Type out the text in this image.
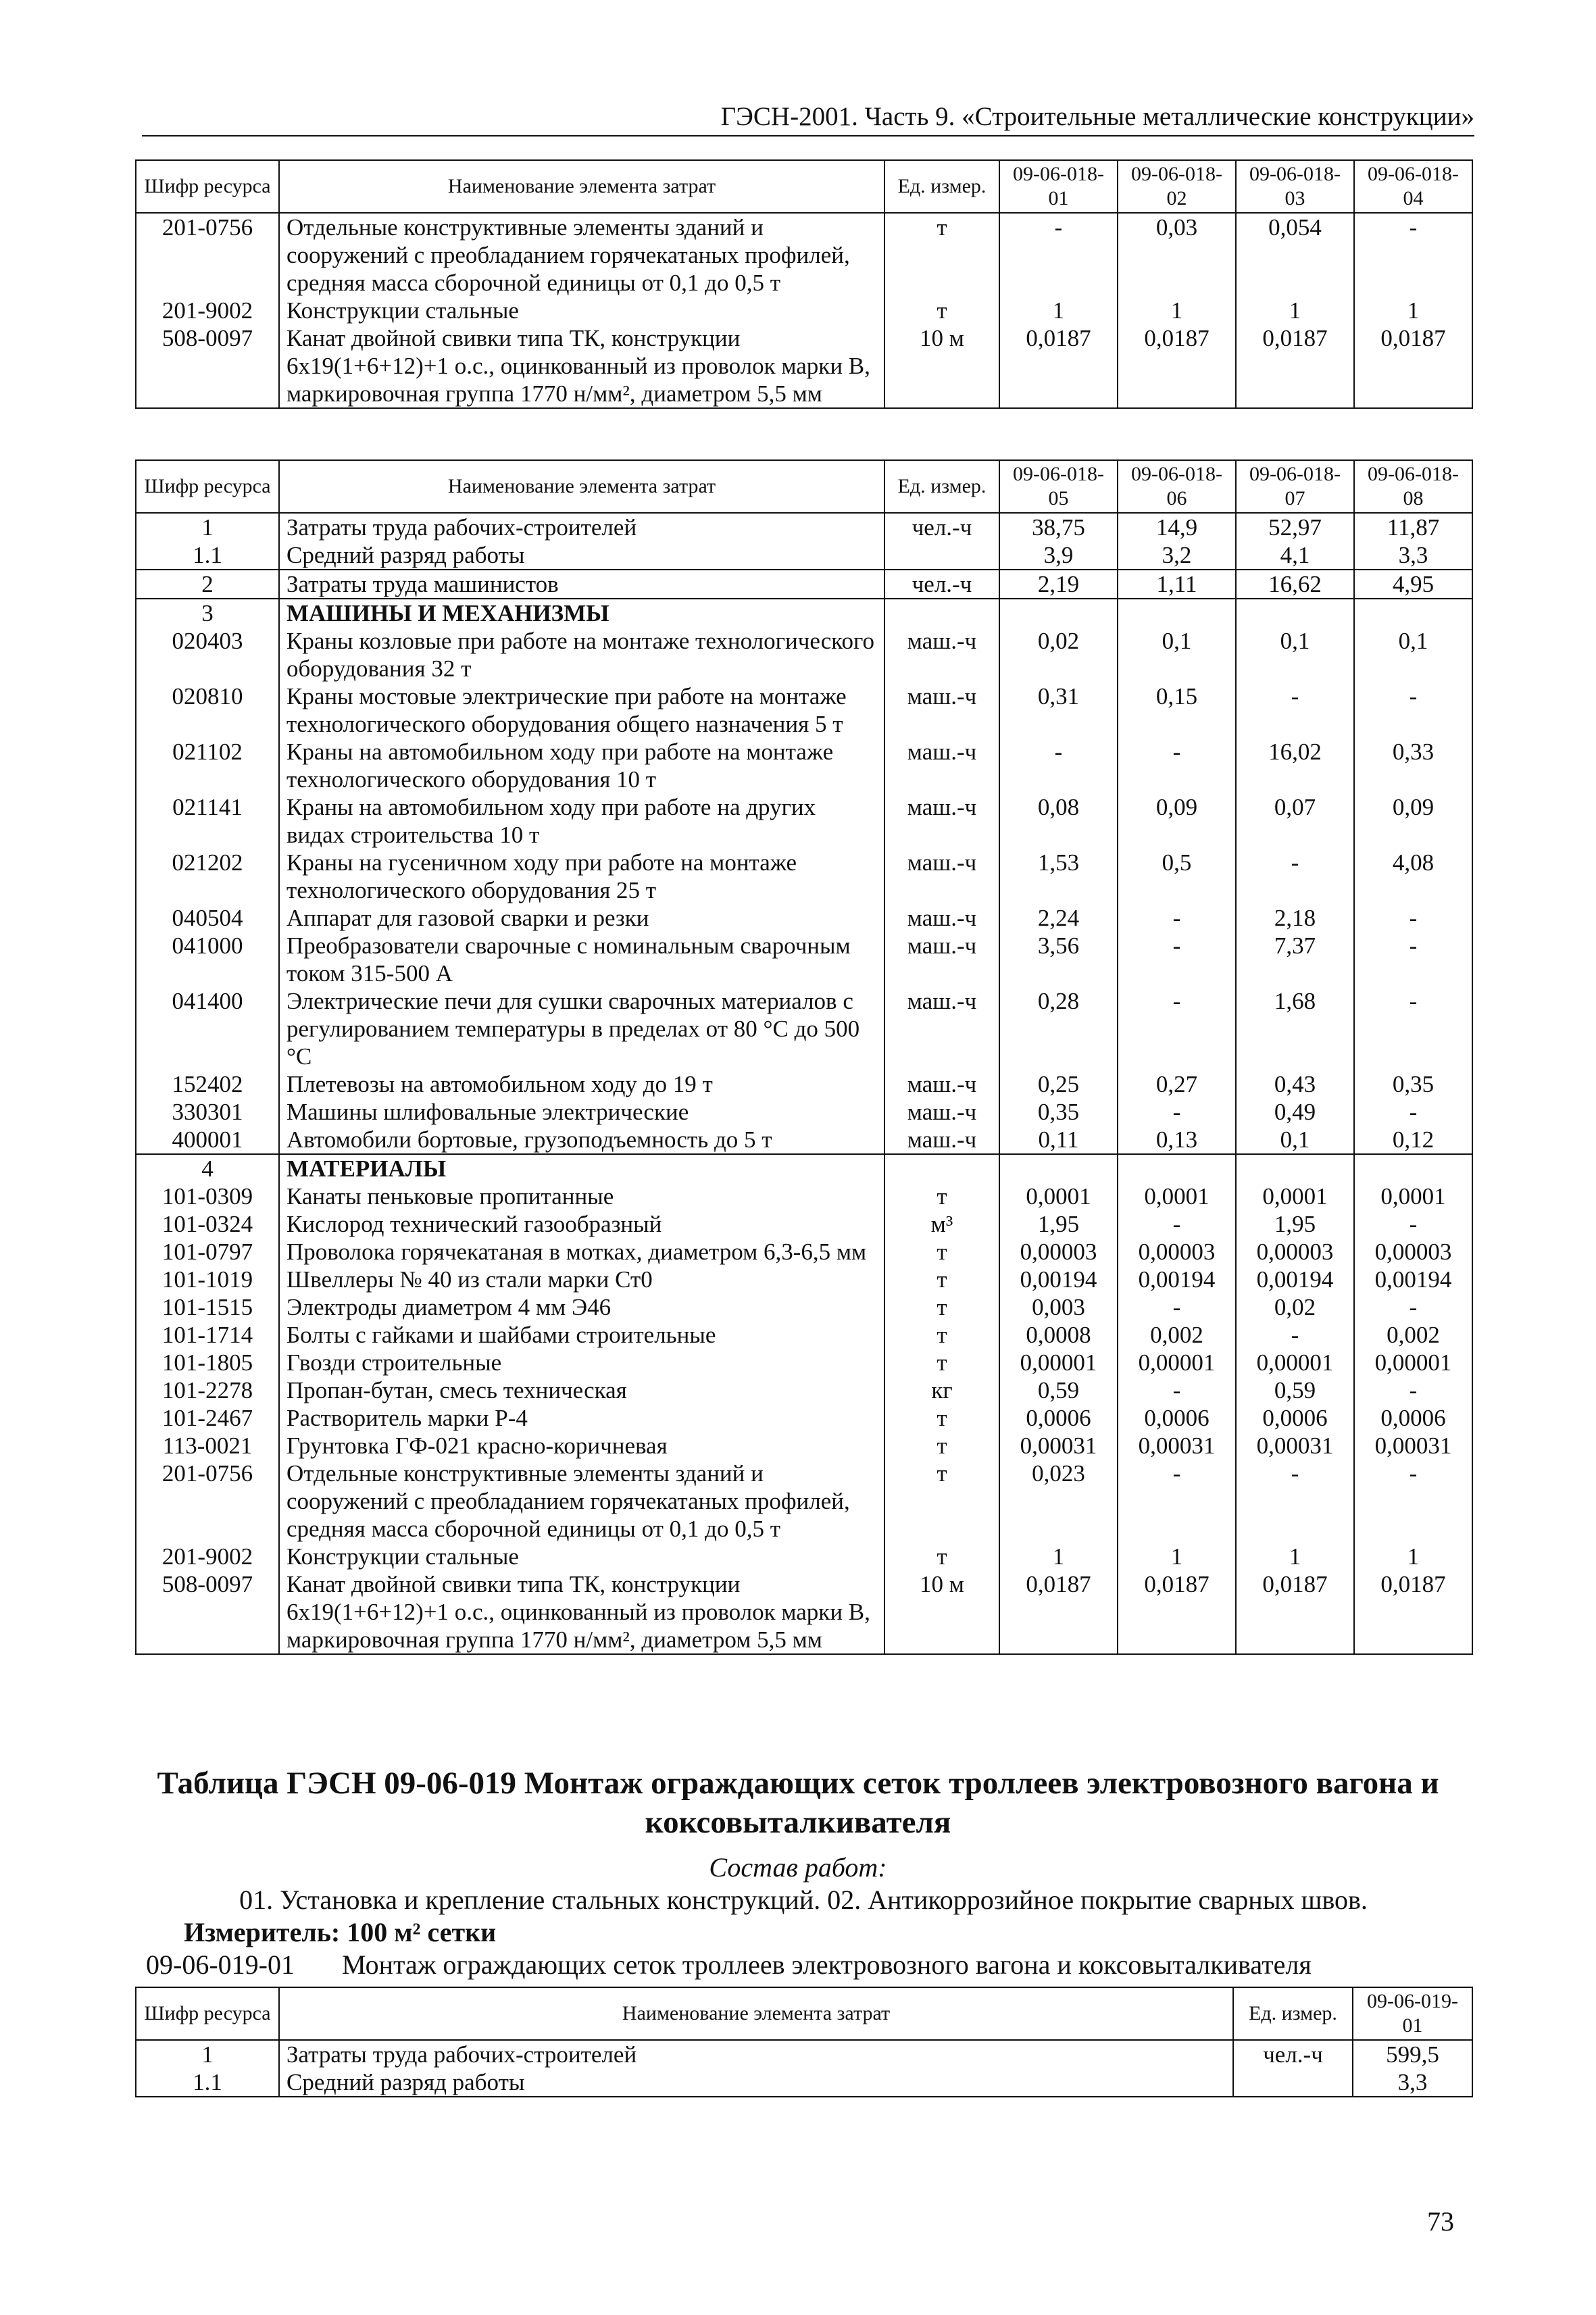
ГЭСН-2001. Часть 9. «Строительные металлические конструкции»
Шифр ресурса	Наименование элемента затрат	Ед. измер.	09-06-018-01	09-06-018-02	09-06-018-03	09-06-018-04
201-0756	Отдельные конструктивные элементы зданий и сооружений с преобладанием горячекатаных профилей, средняя масса сборочной единицы от 0,1 до 0,5 т	т	-	0,03	0,054	-
201-9002	Конструкции стальные	т	1	1	1	1
508-0097	Канат двойной свивки типа ТК, конструкции 6х19(1+6+12)+1 о.с., оцинкованный из проволок марки В, маркировочная группа 1770 н/мм², диаметром 5,5 мм	10 м	0,0187	0,0187	0,0187	0,0187
Шифр ресурса	Наименование элемента затрат	Ед. измер.	09-06-018-05	09-06-018-06	09-06-018-07	09-06-018-08
1	Затраты труда рабочих-строителей	чел.-ч	38,75	14,9	52,97	11,87
1.1	Средний разряд работы		3,9	3,2	4,1	3,3
2	Затраты труда машинистов	чел.-ч	2,19	1,11	16,62	4,95
3	МАШИНЫ И МЕХАНИЗМЫ					
020403	Краны козловые при работе на монтаже технологического оборудования 32 т	маш.-ч	0,02	0,1	0,1	0,1
020810	Краны мостовые электрические при работе на монтаже технологического оборудования общего назначения 5 т	маш.-ч	0,31	0,15	-	-
021102	Краны на автомобильном ходу при работе на монтаже технологического оборудования 10 т	маш.-ч	-	-	16,02	0,33
021141	Краны на автомобильном ходу при работе на других видах строительства 10 т	маш.-ч	0,08	0,09	0,07	0,09
021202	Краны на гусеничном ходу при работе на монтаже технологического оборудования 25 т	маш.-ч	1,53	0,5	-	4,08
040504	Аппарат для газовой сварки и резки	маш.-ч	2,24	-	2,18	-
041000	Преобразователи сварочные с номинальным сварочным током 315-500 А	маш.-ч	3,56	-	7,37	-
041400	Электрические печи для сушки сварочных материалов с регулированием температуры в пределах от 80 °С до 500 °С	маш.-ч	0,28	-	1,68	-
152402	Плетевозы на автомобильном ходу до 19 т	маш.-ч	0,25	0,27	0,43	0,35
330301	Машины шлифовальные электрические	маш.-ч	0,35	-	0,49	-
400001	Автомобили бортовые, грузоподъемность до 5 т	маш.-ч	0,11	0,13	0,1	0,12
4	МАТЕРИАЛЫ					
101-0309	Канаты пеньковые пропитанные	т	0,0001	0,0001	0,0001	0,0001
101-0324	Кислород технический газообразный	м³	1,95	-	1,95	-
101-0797	Проволока горячекатаная в мотках, диаметром 6,3-6,5 мм	т	0,00003	0,00003	0,00003	0,00003
101-1019	Швеллеры № 40 из стали марки Ст0	т	0,00194	0,00194	0,00194	0,00194
101-1515	Электроды диаметром 4 мм Э46	т	0,003	-	0,02	-
101-1714	Болты с гайками и шайбами строительные	т	0,0008	0,002	-	0,002
101-1805	Гвозди строительные	т	0,00001	0,00001	0,00001	0,00001
101-2278	Пропан-бутан, смесь техническая	кг	0,59	-	0,59	-
101-2467	Растворитель марки Р-4	т	0,0006	0,0006	0,0006	0,0006
113-0021	Грунтовка ГФ-021 красно-коричневая	т	0,00031	0,00031	0,00031	0,00031
201-0756	Отдельные конструктивные элементы зданий и сооружений с преобладанием горячекатаных профилей, средняя масса сборочной единицы от 0,1 до 0,5 т	т	0,023	-	-	-
201-9002	Конструкции стальные	т	1	1	1	1
508-0097	Канат двойной свивки типа ТК, конструкции 6х19(1+6+12)+1 о.с., оцинкованный из проволок марки В, маркировочная группа 1770 н/мм², диаметром 5,5 мм	10 м	0,0187	0,0187	0,0187	0,0187
Таблица ГЭСН 09-06-019 Монтаж ограждающих сеток троллеев электровозного вагона и коксовыталкивателя
Состав работ:
01. Установка и крепление стальных конструкций. 02. Антикоррозийное покрытие сварных швов.
Измеритель: 100 м² сетки
09-06-019-01 Монтаж ограждающих сеток троллеев электровозного вагона и коксовыталкивателя
Шифр ресурса	Наименование элемента затрат	Ед. измер.	09-06-019-01
1	Затраты труда рабочих-строителей	чел.-ч	599,5
1.1	Средний разряд работы		3,3
73
